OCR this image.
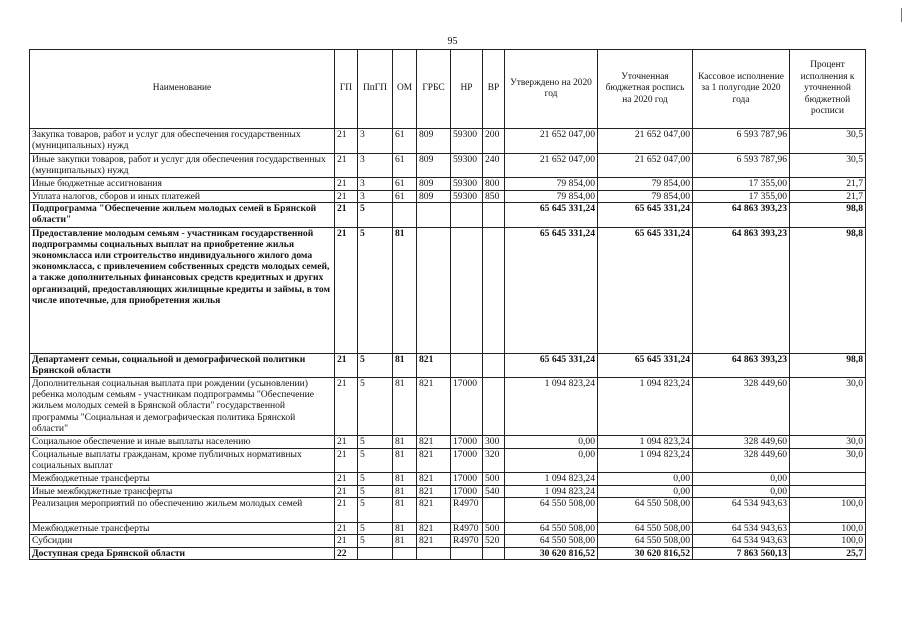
95
Наименование	ГП	ПпГП	ОМ	ГРБС	НР	ВР	Утверждено на 2020 год	Уточненная бюджетная роспись на 2020 год	Кассовое исполнение за 1 полугодие 2020 года	Процент исполнения к уточненной бюджетной росписи
Закупка товаров, работ и услуг для обеспечения государственных (муниципальных) нужд	21	3	61	809	59300	200	21 652 047,00	21 652 047,00	6 593 787,96	30,5
Иные закупки товаров, работ и услуг для обеспечения государственных (муниципальных) нужд	21	3	61	809	59300	240	21 652 047,00	21 652 047,00	6 593 787,96	30,5
Иные бюджетные ассигнования	21	3	61	809	59300	800	79 854,00	79 854,00	17 355,00	21,7
Уплата налогов, сборов и иных платежей	21	3	61	809	59300	850	79 854,00	79 854,00	17 355,00	21,7
Подпрограмма "Обеспечение жильем молодых семей в Брянской области"	21	5					65 645 331,24	65 645 331,24	64 863 393,23	98,8
Предоставление молодым семьям - участникам государственной подпрограммы социальных выплат на приобретение жилья экономкласса или строительство индивидуального жилого дома экономкласса, с привлечением собственных средств молодых семей, а также дополнительных финансовых средств кредитных и других организаций, предоставляющих жилищные кредиты и займы, в том числе ипотечные, для приобретения жилья	21	5	81				65 645 331,24	65 645 331,24	64 863 393,23	98,8
Департамент семьи, социальной и демографической политики Брянской области	21	5	81	821			65 645 331,24	65 645 331,24	64 863 393,23	98,8
Дополнительная социальная выплата при рождении (усыновлении) ребенка молодым семьям - участникам подпрограммы "Обеспечение жильем молодых семей в Брянской области" государственной программы "Социальная и демографическая политика Брянской области"	21	5	81	821	17000		1 094 823,24	1 094 823,24	328 449,60	30,0
Социальное обеспечение и иные выплаты населению	21	5	81	821	17000	300	0,00	1 094 823,24	328 449,60	30,0
Социальные выплаты гражданам, кроме публичных нормативных социальных выплат	21	5	81	821	17000	320	0,00	1 094 823,24	328 449,60	30,0
Межбюджетные трансферты	21	5	81	821	17000	500	1 094 823,24	0,00	0,00	
Иные межбюджетные трансферты	21	5	81	821	17000	540	1 094 823,24	0,00	0,00	
Реализация мероприятий по обеспечению жильем молодых семей	21	5	81	821	R4970		64 550 508,00	64 550 508,00	64 534 943,63	100,0
Межбюджетные трансферты	21	5	81	821	R4970	500	64 550 508,00	64 550 508,00	64 534 943,63	100,0
Субсидии	21	5	81	821	R4970	520	64 550 508,00	64 550 508,00	64 534 943,63	100,0
Доступная среда Брянской области	22						30 620 816,52	30 620 816,52	7 863 560,13	25,7
